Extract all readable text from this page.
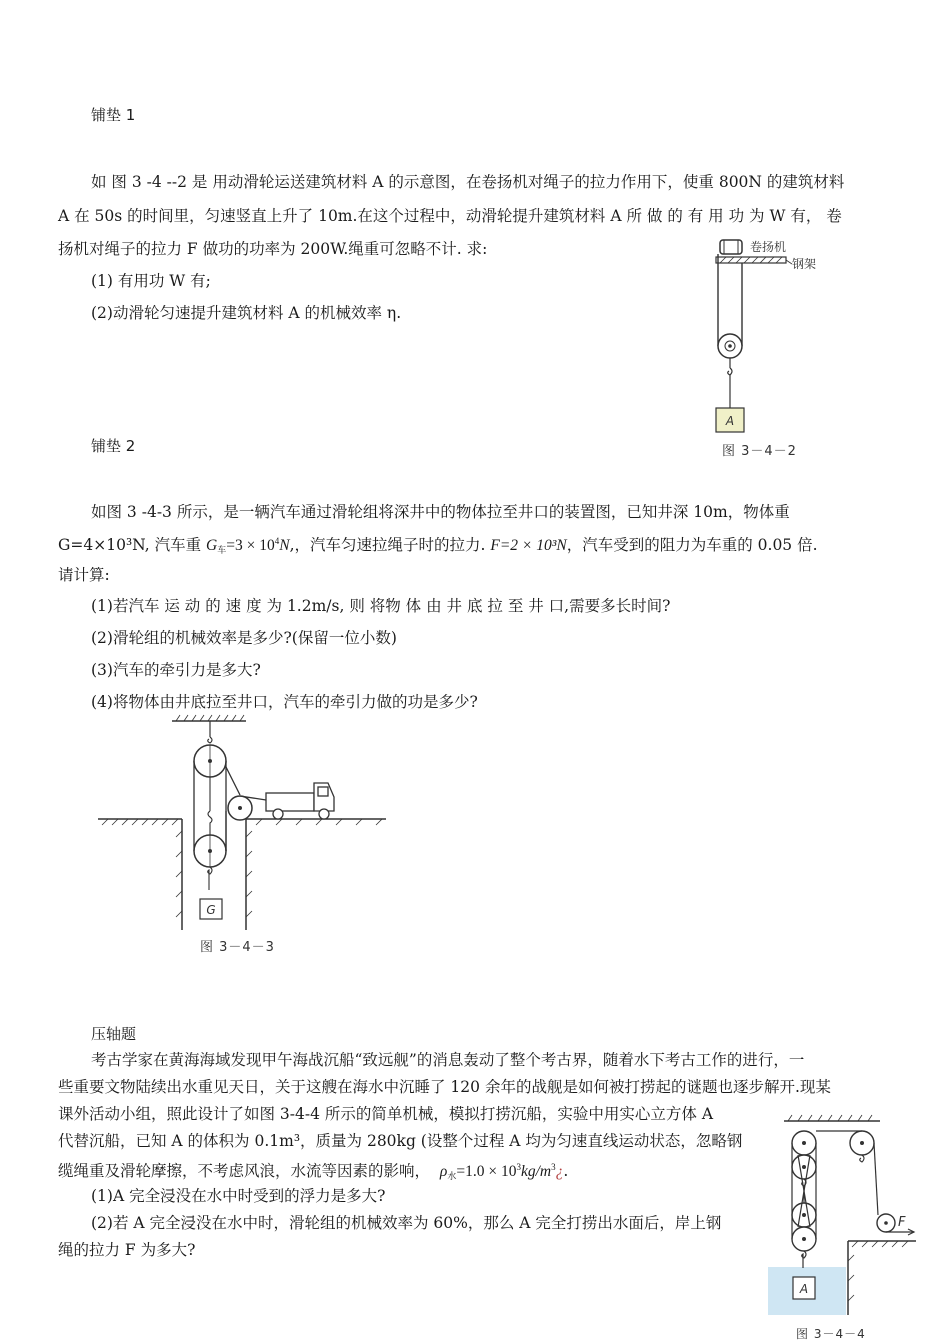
铺垫 1
如 图 3 -4 --2 是 用动滑轮运送建筑材料 A 的示意图，在卷扬机对绳子的拉力作用下，使重 800N 的建筑材料
A 在 50s 的时间里，匀速竖直上升了 10m.在这个过程中，动滑轮提升建筑材料 A 所 做 的 有 用 功 为 W 有， 卷
扬机对绳子的拉力 F 做功的功率为 200W.绳重可忽略不计. 求:
(1) 有用功 W 有;
(2)动滑轮匀速提升建筑材料 A 的机械效率 η.
卷扬机
钢架
A
图 3－4－2
铺垫 2
如图 3 -4-3 所示，是一辆汽车通过滑轮组将深井中的物体拉至井口的装置图，已知井深 10m，物体重
G=4×10³N, 汽车重 $G_车=3 \times 10^4N$,，汽车匀速拉绳子时的拉力. F=2 × 10³N，汽车受到的阻力为车重的 0.05 倍.
请计算:
(1)若汽车 运 动 的 速 度 为 1.2m/s, 则 将物 体 由 井 底 拉 至 井 口,需要多长时间?
(2)滑轮组的机械效率是多少?(保留一位小数)
(3)汽车的牵引力是多大?
(4)将物体由井底拉至井口，汽车的牵引力做的功是多少?
G
图 3－4－3
压轴题
考古学家在黄海海域发现甲午海战沉船“致远舰”的消息轰动了整个考古界，随着水下考古工作的进行，一
些重要文物陆续出水重见天日，关于这艘在海水中沉睡了 120 余年的战舰是如何被打捞起的谜题也逐步解开.现某
课外活动小组，照此设计了如图 3-4-4 所示的简单机械，模拟打捞沉船，实验中用实心立方体 A
代替沉船，已知 A 的体积为 0.1m³，质量为 280kg (设整个过程 A 均为匀速直线运动状态，忽略钢
缆绳重及滑轮摩擦，不考虑风浪，水流等因素的影响， $\rho_水=1.0$ × $10^3kg/m^3¿$.
(1)A 完全浸没在水中时受到的浮力是多大?
(2)若 A 完全浸没在水中时，滑轮组的机械效率为 60%，那么 A 完全打捞出水面后，岸上钢
绳的拉力 F 为多大?
F
A
图 3－4－4
